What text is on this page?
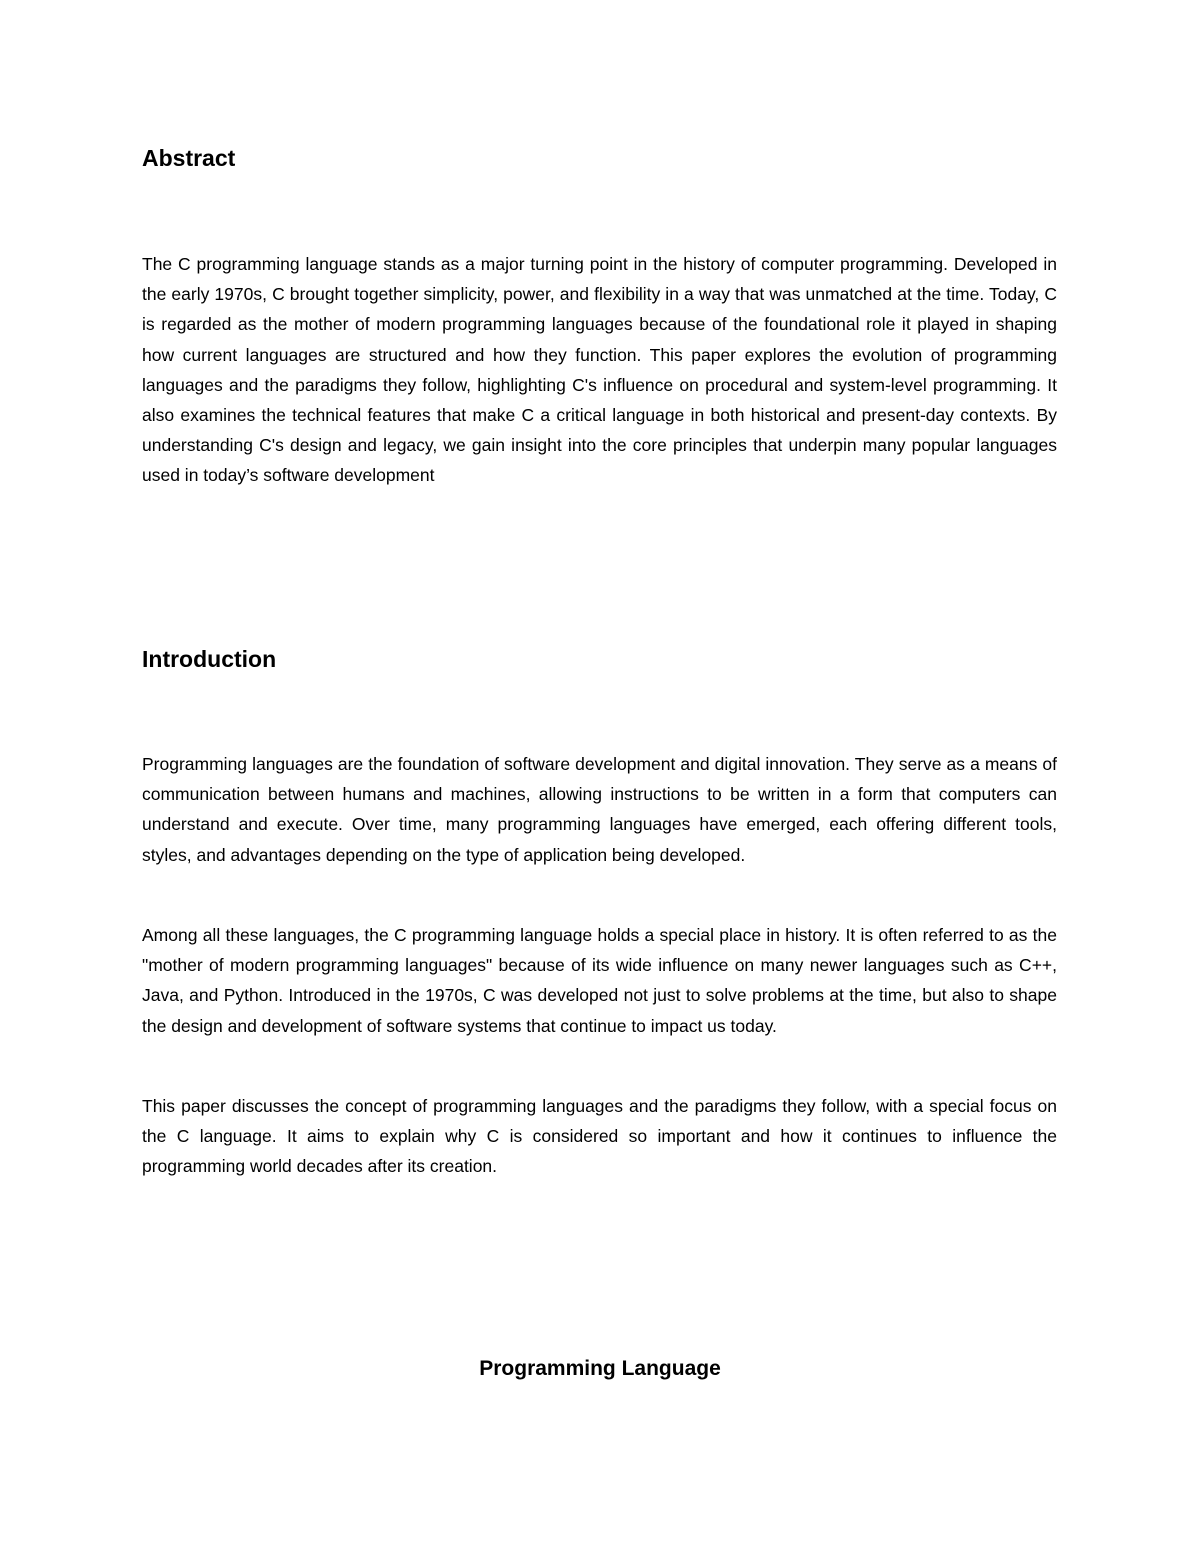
Abstract

The C programming language stands as a major turning point in the history of computer programming. Developed in the early 1970s, C brought together simplicity, power, and flexibility in a way that was unmatched at the time. Today, C is regarded as the mother of modern programming languages because of the foundational role it played in shaping how current languages are structured and how they function. This paper explores the evolution of programming languages and the paradigms they follow, highlighting C's influence on procedural and system-level programming. It also examines the technical features that make C a critical language in both historical and present-day contexts. By understanding C's design and legacy, we gain insight into the core principles that underpin many popular languages used in today’s software development

Introduction

Programming languages are the foundation of software development and digital innovation. They serve as a means of communication between humans and machines, allowing instructions to be written in a form that computers can understand and execute. Over time, many programming languages have emerged, each offering different tools, styles, and advantages depending on the type of application being developed.

Among all these languages, the C programming language holds a special place in history. It is often referred to as the "mother of modern programming languages" because of its wide influence on many newer languages such as C++, Java, and Python. Introduced in the 1970s, C was developed not just to solve problems at the time, but also to shape the design and development of software systems that continue to impact us today.

This paper discusses the concept of programming languages and the paradigms they follow, with a special focus on the C language. It aims to explain why C is considered so important and how it continues to influence the programming world decades after its creation.

Programming Language
